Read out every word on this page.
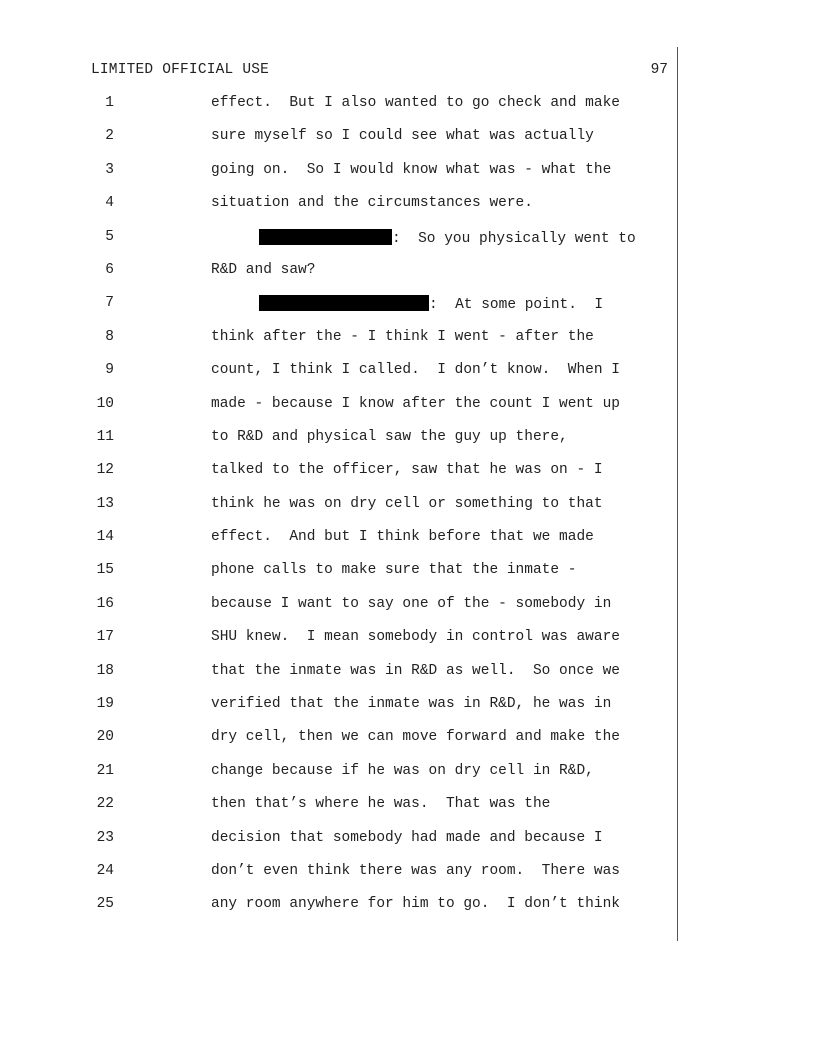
LIMITED OFFICIAL USE	97
1	effect.  But I also wanted to go check and make
2	sure myself so I could see what was actually
3	going on.  So I would know what was - what the
4	situation and the circumstances were.
5	:  So you physically went to
6	R&D and saw?
7	:  At some point.  I
8	think after the - I think I went - after the
9	count, I think I called.  I don’t know.  When I
10	made - because I know after the count I went up
11	to R&D and physical saw the guy up there,
12	talked to the officer, saw that he was on - I
13	think he was on dry cell or something to that
14	effect.  And but I think before that we made
15	phone calls to make sure that the inmate -
16	because I want to say one of the - somebody in
17	SHU knew.  I mean somebody in control was aware
18	that the inmate was in R&D as well.  So once we
19	verified that the inmate was in R&D, he was in
20	dry cell, then we can move forward and make the
21	change because if he was on dry cell in R&D,
22	then that’s where he was.  That was the
23	decision that somebody had made and because I
24	don’t even think there was any room.  There was
25	any room anywhere for him to go.  I don’t think
